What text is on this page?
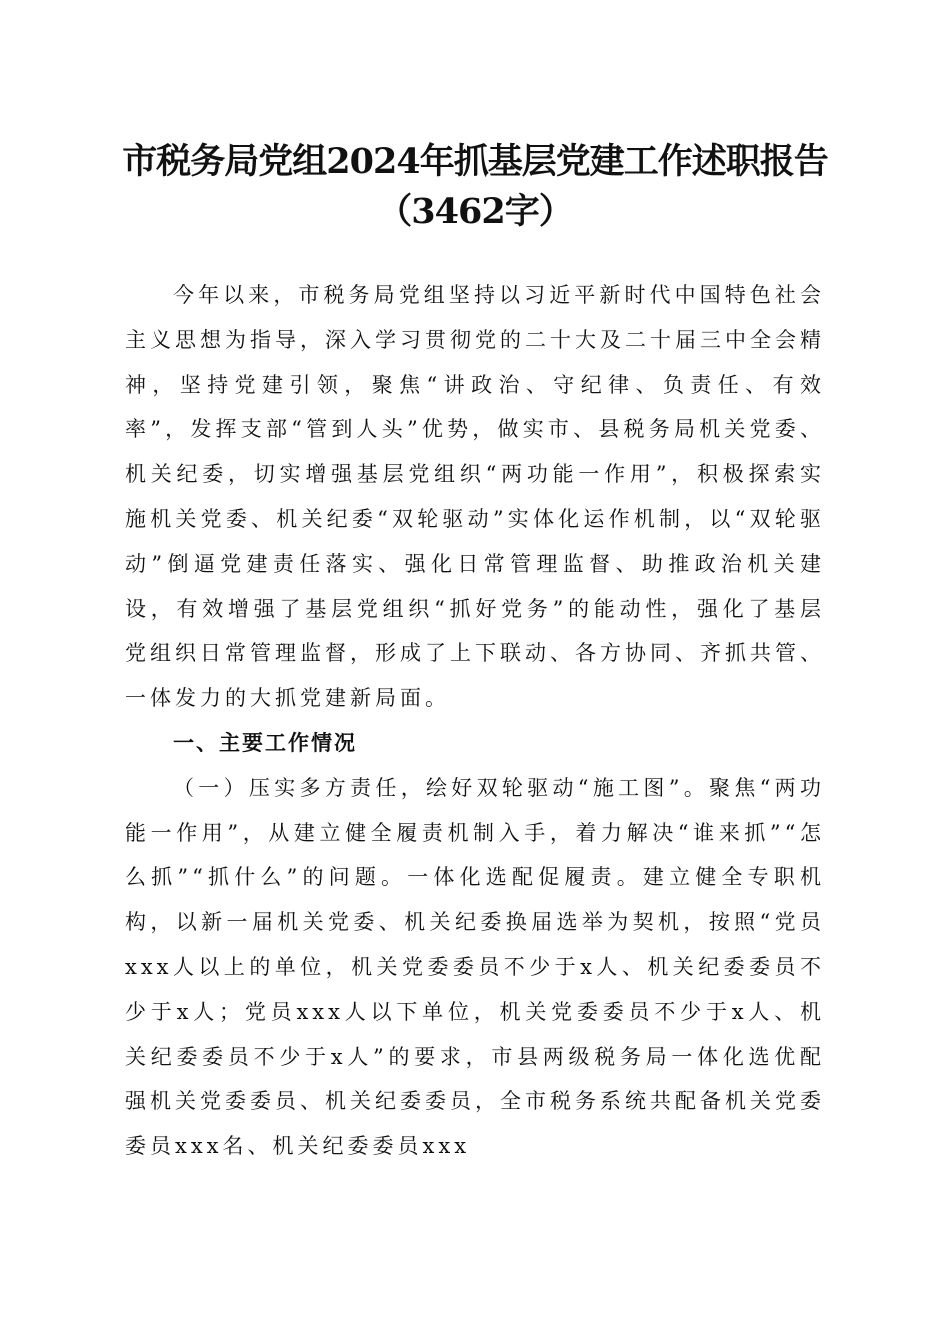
市税务局党组2024年抓基层党建工作述职报告（3462字）

今年以来，市税务局党组坚持以习近平新时代中国特色社会主义思想为指导，深入学习贯彻党的二十大及二十届三中全会精神，坚持党建引领，聚焦“讲政治、守纪律、负责任、有效率”，发挥支部“管到人头”优势，做实市、县税务局机关党委、机关纪委，切实增强基层党组织“两功能一作用”，积极探索实施机关党委、机关纪委“双轮驱动”实体化运作机制，以“双轮驱动”倒逼党建责任落实、强化日常管理监督、助推政治机关建设，有效增强了基层党组织“抓好党务”的能动性，强化了基层党组织日常管理监督，形成了上下联动、各方协同、齐抓共管、一体发力的大抓党建新局面。

一、主要工作情况

（一）压实多方责任，绘好双轮驱动“施工图”。聚焦“两功能一作用”，从建立健全履责机制入手，着力解决“谁来抓”“怎么抓”“抓什么”的问题。一体化选配促履责。建立健全专职机构，以新一届机关党委、机关纪委换届选举为契机，按照“党员xxx人以上的单位，机关党委委员不少于x人、机关纪委委员不少于x人；党员xxx人以下单位，机关党委委员不少于x人、机关纪委委员不少于x人”的要求，市县两级税务局一体化选优配强机关党委委员、机关纪委委员，全市税务系统共配备机关党委委员xxx名、机关纪委委员xxx
